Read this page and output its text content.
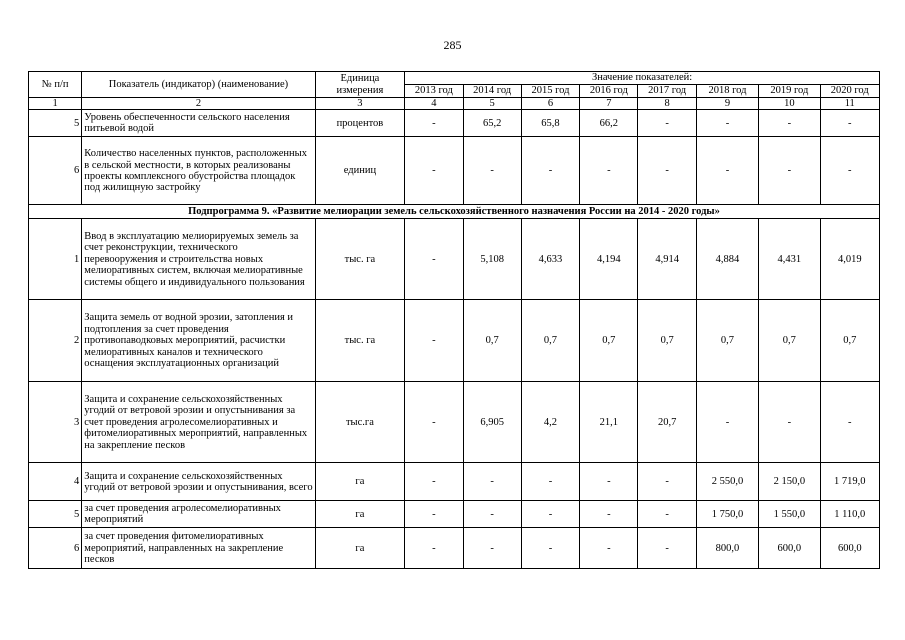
285
№ п/п	Показатель (индикатор) (наименование)	Единица измерения	Значение показателей:							
			2013 год	2014 год	2015 год	2016 год	2017 год	2018 год	2019 год	2020 год
1	2	3	4	5	6	7	8	9	10	11
5	Уровень обеспеченности сельского населения питьевой водой	процентов	-	65,2	65,8	66,2	-	-	-	-
6	Количество населенных пунктов, расположенных в сельской местности, в которых реализованы проекты комплексного обустройства площадок под жилищную застройку	единиц	-	-	-	-	-	-	-	-
Подпрограмма 9. «Развитие мелиорации земель сельскохозяйственного назначения России на 2014 - 2020 годы»										
1	Ввод в эксплуатацию мелиорируемых земель за счет реконструкции, технического перевооружения и строительства новых мелиоративных систем, включая мелиоративные системы общего и индивидуального пользования	тыс. га	-	5,108	4,633	4,194	4,914	4,884	4,431	4,019
2	Защита земель от водной эрозии, затопления и подтопления за счет проведения противопаводковых мероприятий, расчистки мелиоративных каналов и технического оснащения эксплуатационных организаций	тыс. га	-	0,7	0,7	0,7	0,7	0,7	0,7	0,7
3	Защита и сохранение сельскохозяйственных угодий от ветровой эрозии и опустынивания за счет проведения агролесомелиоративных и фитомелиоративных мероприятий, направленных на закрепление песков	тыс.га	-	6,905	4,2	21,1	20,7	-	-	-
4	Защита и сохранение сельскохозяйственных угодий от ветровой эрозии и опустынивания, всего	га	-	-	-	-	-	2 550,0	2 150,0	1 719,0
5	за счет проведения агролесомелиоративных мероприятий	га	-	-	-	-	-	1 750,0	1 550,0	1 110,0
6	за счет проведения фитомелиоративных мероприятий, направленных на закрепление песков	га	-	-	-	-	-	800,0	600,0	600,0
